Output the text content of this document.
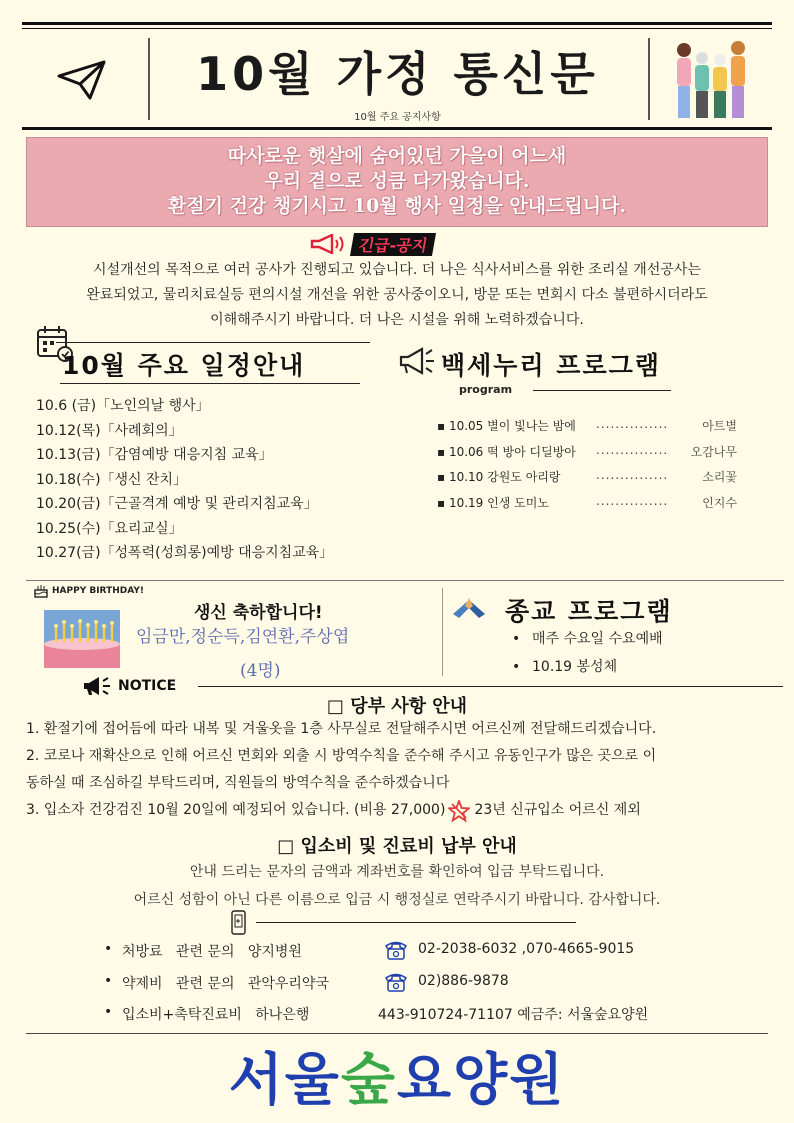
10월 가정 통신문
10월 주요 공지사항
따사로운 햇살에 숨어있던 가을이 어느새
우리 곁으로 성큼 다가왔습니다.
환절기 건강 챙기시고 10월 행사 일정을 안내드립니다.
긴급-공지
시설개선의 목적으로 여러 공사가 진행되고 있습니다. 더 나은 식사서비스를 위한 조리실 개선공사는
완료되었고, 물리치료실등 편의시설 개선을 위한 공사중이오니, 방문 또는 면회시 다소 불편하시더라도
이해해주시기 바랍니다. 더 나은 시설을 위해 노력하겠습니다.
10월 주요 일정안내
10.6 (금)「노인의날 행사」
10.12(목)「사례회의」
10.13(금)「감염예방 대응지침 교육」
10.18(수)「생신 잔치」
10.20(금)「근골격계 예방 및 관리지침교육」
10.25(수)「요리교실」
10.27(금)「성폭력(성희롱)예방 대응지침교육」
백세누리 프로그램
program
▪ 10.05 별이 빛나는 밤에 ...............	아트별
▪ 10.06 떡 방아 디딜방아 ............... 오감나무
▪ 10.10 강원도 아리랑	...............	소리꽃
▪ 10.19 인생 도미노	...............	인지수
HAPPY BIRTHDAY!
생신 축하합니다!
임금만,정순득,김연환,주상엽
(4명)
종교 프로그램
• 매주 수요일 수요예배
• 10.19 봉성체
NOTICE
□ 당부 사항 안내
1. 환절기에 접어듬에 따라 내복 및 겨울옷을 1층 사무실로 전달해주시면 어르신께 전달해드리겠습니다.
2. 코로나 재확산으로 인해 어르신 면회와 외출 시 방역수칙을 준수해 주시고 유동인구가 많은 곳으로 이
동하실 때 조심하길 부탁드리며, 직원들의 방역수칙을 준수하겠습니다
3. 입소자 건강검진 10월 20일에 예정되어 있습니다. (비용 27,000) 23년 신규입소 어르신 제외
□ 입소비 및 진료비 납부 안내
안내 드리는 문자의 금액과 계좌번호를 확인하여 입금 부탁드립니다.
어르신 성함이 아닌 다른 이름으로 입금 시 행정실로 연락주시기 바랍니다. 감사합니다.
• 처방료   관련 문의   양지병원	02-2038-6032 ,070-4665-9015
• 약제비   관련 문의   관악우리약국	02)886-9878
• 입소비+촉탁진료비   하나은행	443-910724-71107 예금주: 서울숲요양원
서울숲요양원
